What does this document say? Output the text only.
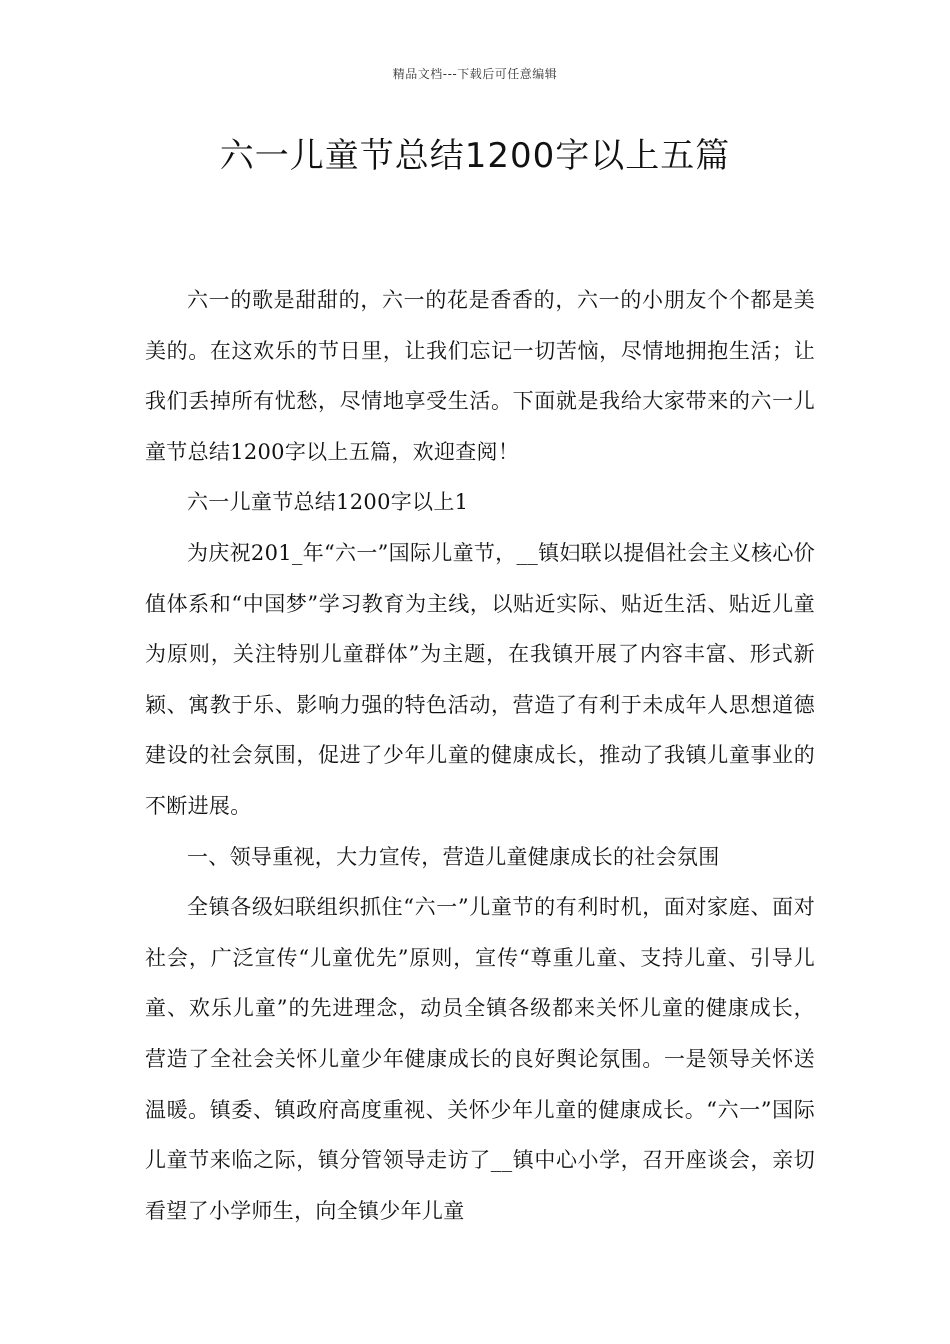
精品文档---下载后可任意编辑
六一儿童节总结1200字以上五篇

六一的歌是甜甜的，六一的花是香香的，六一的小朋友个个都是美美的。在这欢乐的节日里，让我们忘记一切苦恼，尽情地拥抱生活；让我们丢掉所有忧愁，尽情地享受生活。下面就是我给大家带来的六一儿童节总结1200字以上五篇，欢迎查阅！

六一儿童节总结1200字以上1

为庆祝201_年“六一”国际儿童节，__镇妇联以提倡社会主义核心价值体系和“中国梦”学习教育为主线，以贴近实际、贴近生活、贴近儿童为原则，关注特别儿童群体”为主题，在我镇开展了内容丰富、形式新颖、寓教于乐、影响力强的特色活动，营造了有利于未成年人思想道德建设的社会氛围，促进了少年儿童的健康成长，推动了我镇儿童事业的不断进展。

一、领导重视，大力宣传，营造儿童健康成长的社会氛围

全镇各级妇联组织抓住“六一”儿童节的有利时机，面对家庭、面对社会，广泛宣传“儿童优先”原则，宣传“尊重儿童、支持儿童、引导儿童、欢乐儿童”的先进理念，动员全镇各级都来关怀儿童的健康成长，营造了全社会关怀儿童少年健康成长的良好舆论氛围。一是领导关怀送温暖。镇委、镇政府高度重视、关怀少年儿童的健康成长。“六一”国际儿童节来临之际，镇分管领导走访了__镇中心小学，召开座谈会，亲切看望了小学师生，向全镇少年儿童
